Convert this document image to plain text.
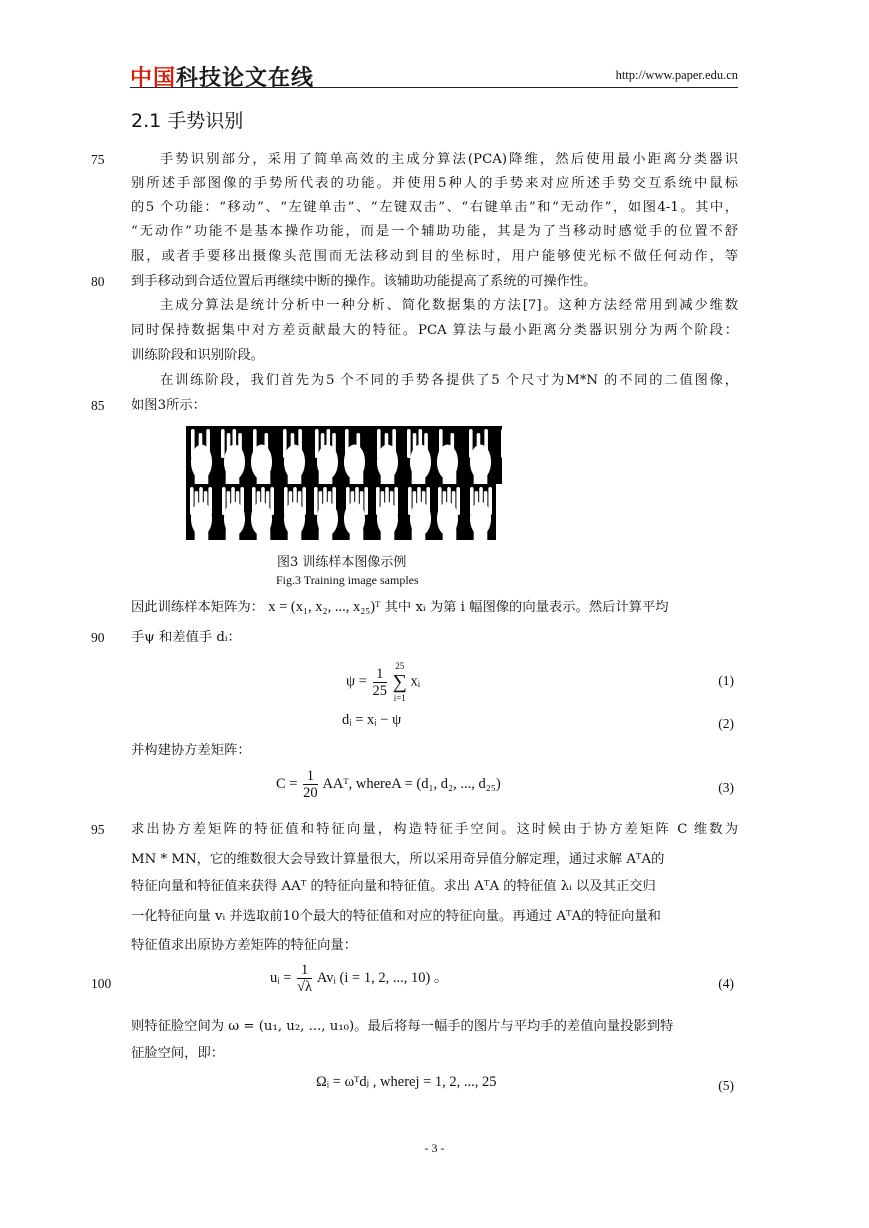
中国科技论文在线	http://www.paper.edu.cn
2.1 手势识别
75
80
85
90
95
100
手势识别部分，采用了简单高效的主成分算法(PCA)降维，然后使用最小距离分类器识
别所述手部图像的手势所代表的功能。并使用5种人的手势来对应所述手势交互系统中鼠标
的5 个功能：“移动”、“左键单击”、“左键双击”、“右键单击”和“无动作”，如图4-1。其中，
“无动作”功能不是基本操作功能，而是一个辅助功能，其是为了当移动时感觉手的位置不舒
服，或者手要移出摄像头范围而无法移动到目的坐标时，用户能够使光标不做任何动作，等
到手移动到合适位置后再继续中断的操作。该辅助功能提高了系统的可操作性。
主成分算法是统计分析中一种分析、简化数据集的方法[7]。这种方法经常用到减少维数
同时保持数据集中对方差贡献最大的特征。PCA 算法与最小距离分类器识别分为两个阶段：
训练阶段和识别阶段。
在训练阶段，我们首先为5 个不同的手势各提供了5 个尺寸为M*N 的不同的二值图像，
如图3所示：
图3 训练样本图像示例
Fig.3 Training image samples
因此训练样本矩阵为： x = (x₁, x₂, ..., x₂₅)ᵀ 其中 xᵢ 为第 i 幅图像的向量表示。然后计算平均
手ψ 和差值手 dᵢ：
$\psi = \frac{1}{25}$
25
∑
i=1
xᵢ	(1)
dᵢ = xᵢ − ψ	(2)
并构建协方差矩阵：
$C = \frac{1}{20}$ AAᵀ, whereA = (d₁, d₂, ..., d₂₅)	(3)
求出协方差矩阵的特征值和特征向量，构造特征手空间。这时候由于协方差矩阵 C 维数为
MN * MN，它的维数很大会导致计算量很大，所以采用奇异值分解定理，通过求解 AᵀA的
特征向量和特征值来获得 AAᵀ 的特征向量和特征值。求出 AᵀA 的特征值 λᵢ 以及其正交归
一化特征向量 vᵢ 并选取前10个最大的特征值和对应的特征向量。再通过 AᵀA的特征向量和
特征值求出原协方差矩阵的特征向量：
uᵢ = $\frac{1}{√\lambda}$ Avᵢ (i = 1, 2, ..., 10) 。	(4)
则特征脸空间为 ω = (u₁, u₂, ..., u₁₀)。最后将每一幅手的图片与平均手的差值向量投影到特
征脸空间，即：
Ωᵢ = ωᵀdⱼ , wherej = 1, 2, ..., 25	(5)
- 3 -
